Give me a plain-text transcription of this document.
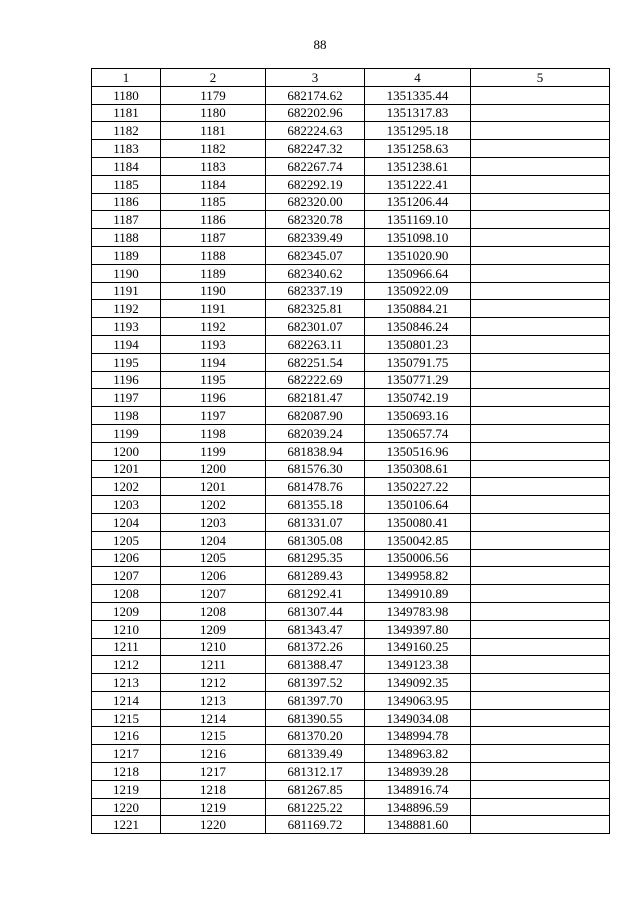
88
1	2	3	4	5
1180	1179	682174.62	1351335.44	
1181	1180	682202.96	1351317.83	
1182	1181	682224.63	1351295.18	
1183	1182	682247.32	1351258.63	
1184	1183	682267.74	1351238.61	
1185	1184	682292.19	1351222.41	
1186	1185	682320.00	1351206.44	
1187	1186	682320.78	1351169.10	
1188	1187	682339.49	1351098.10	
1189	1188	682345.07	1351020.90	
1190	1189	682340.62	1350966.64	
1191	1190	682337.19	1350922.09	
1192	1191	682325.81	1350884.21	
1193	1192	682301.07	1350846.24	
1194	1193	682263.11	1350801.23	
1195	1194	682251.54	1350791.75	
1196	1195	682222.69	1350771.29	
1197	1196	682181.47	1350742.19	
1198	1197	682087.90	1350693.16	
1199	1198	682039.24	1350657.74	
1200	1199	681838.94	1350516.96	
1201	1200	681576.30	1350308.61	
1202	1201	681478.76	1350227.22	
1203	1202	681355.18	1350106.64	
1204	1203	681331.07	1350080.41	
1205	1204	681305.08	1350042.85	
1206	1205	681295.35	1350006.56	
1207	1206	681289.43	1349958.82	
1208	1207	681292.41	1349910.89	
1209	1208	681307.44	1349783.98	
1210	1209	681343.47	1349397.80	
1211	1210	681372.26	1349160.25	
1212	1211	681388.47	1349123.38	
1213	1212	681397.52	1349092.35	
1214	1213	681397.70	1349063.95	
1215	1214	681390.55	1349034.08	
1216	1215	681370.20	1348994.78	
1217	1216	681339.49	1348963.82	
1218	1217	681312.17	1348939.28	
1219	1218	681267.85	1348916.74	
1220	1219	681225.22	1348896.59	
1221	1220	681169.72	1348881.60	
